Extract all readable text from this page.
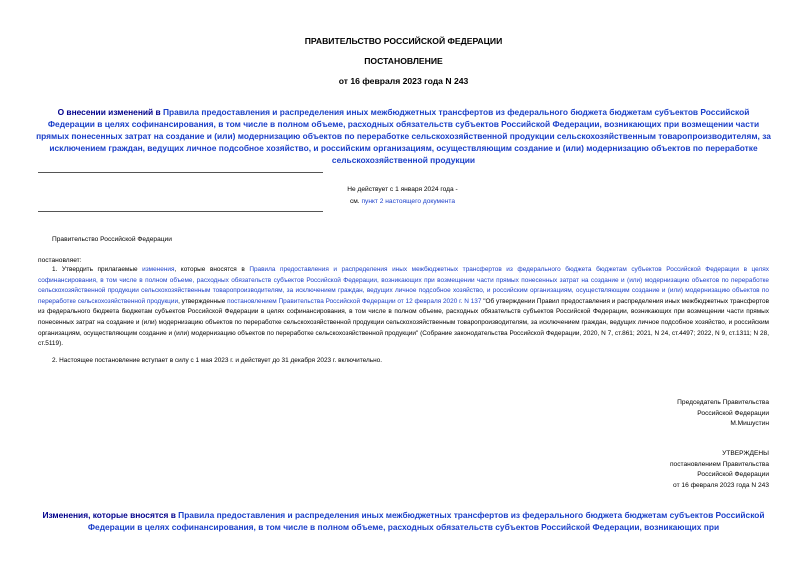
ПРАВИТЕЛЬСТВО РОССИЙСКОЙ ФЕДЕРАЦИИ
ПОСТАНОВЛЕНИЕ
от 16 февраля 2023 года N 243
О внесении изменений в Правила предоставления и распределения иных межбюджетных трансфертов из федерального бюджета бюджетам субъектов Российской Федерации в целях софинансирования, в том числе в полном объеме, расходных обязательств субъектов Российской Федерации, возникающих при возмещении части прямых понесенных затрат на создание и (или) модернизацию объектов по переработке сельскохозяйственной продукции сельскохозяйственным товаропроизводителям, за исключением граждан, ведущих личное подсобное хозяйство, и российским организациям, осуществляющим создание и (или) модернизацию объектов по переработке сельскохозяйственной продукции
Не действует с 1 января 2024 года -
см. пункт 2 настоящего документа
Правительство Российской Федерации
постановляет:
1. Утвердить прилагаемые изменения, которые вносятся в Правила предоставления и распределения иных межбюджетных трансфертов из федерального бюджета бюджетам субъектов Российской Федерации в целях софинансирования, в том числе в полном объеме, расходных обязательств субъектов Российской Федерации, возникающих при возмещении части прямых понесенных затрат на создание и (или) модернизацию объектов по переработке сельскохозяйственной продукции сельскохозяйственным товаропроизводителям, за исключением граждан, ведущих личное подсобное хозяйство, и российским организациям, осуществляющим создание и (или) модернизацию объектов по переработке сельскохозяйственной продукции, утвержденные постановлением Правительства Российской Федерации от 12 февраля 2020 г. N 137 "Об утверждении Правил предоставления и распределения иных межбюджетных трансфертов из федерального бюджета бюджетам субъектов Российской Федерации в целях софинансирования, в том числе в полном объеме, расходных обязательств субъектов Российской Федерации, возникающих при возмещении части прямых понесенных затрат на создание и (или) модернизацию объектов по переработке сельскохозяйственной продукции сельскохозяйственным товаропроизводителям, за исключением граждан, ведущих личное подсобное хозяйство, и российским организациям, осуществляющим создание и (или) модернизацию объектов по переработке сельскохозяйственной продукции" (Собрание законодательства Российской Федерации, 2020, N 7, ст.861; 2021, N 24, ст.4497; 2022, N 9, ст.1311; N 28, ст.5119).
2. Настоящее постановление вступает в силу с 1 мая 2023 г. и действует до 31 декабря 2023 г. включительно.
Председатель Правительства
Российской Федерации
М.Мишустин
УТВЕРЖДЕНЫ
постановлением Правительства
Российской Федерации
от 16 февраля 2023 года N 243
Изменения, которые вносятся в Правила предоставления и распределения иных межбюджетных трансфертов из федерального бюджета бюджетам субъектов Российской Федерации в целях софинансирования, в том числе в полном объеме, расходных обязательств субъектов Российской Федерации, возникающих при
